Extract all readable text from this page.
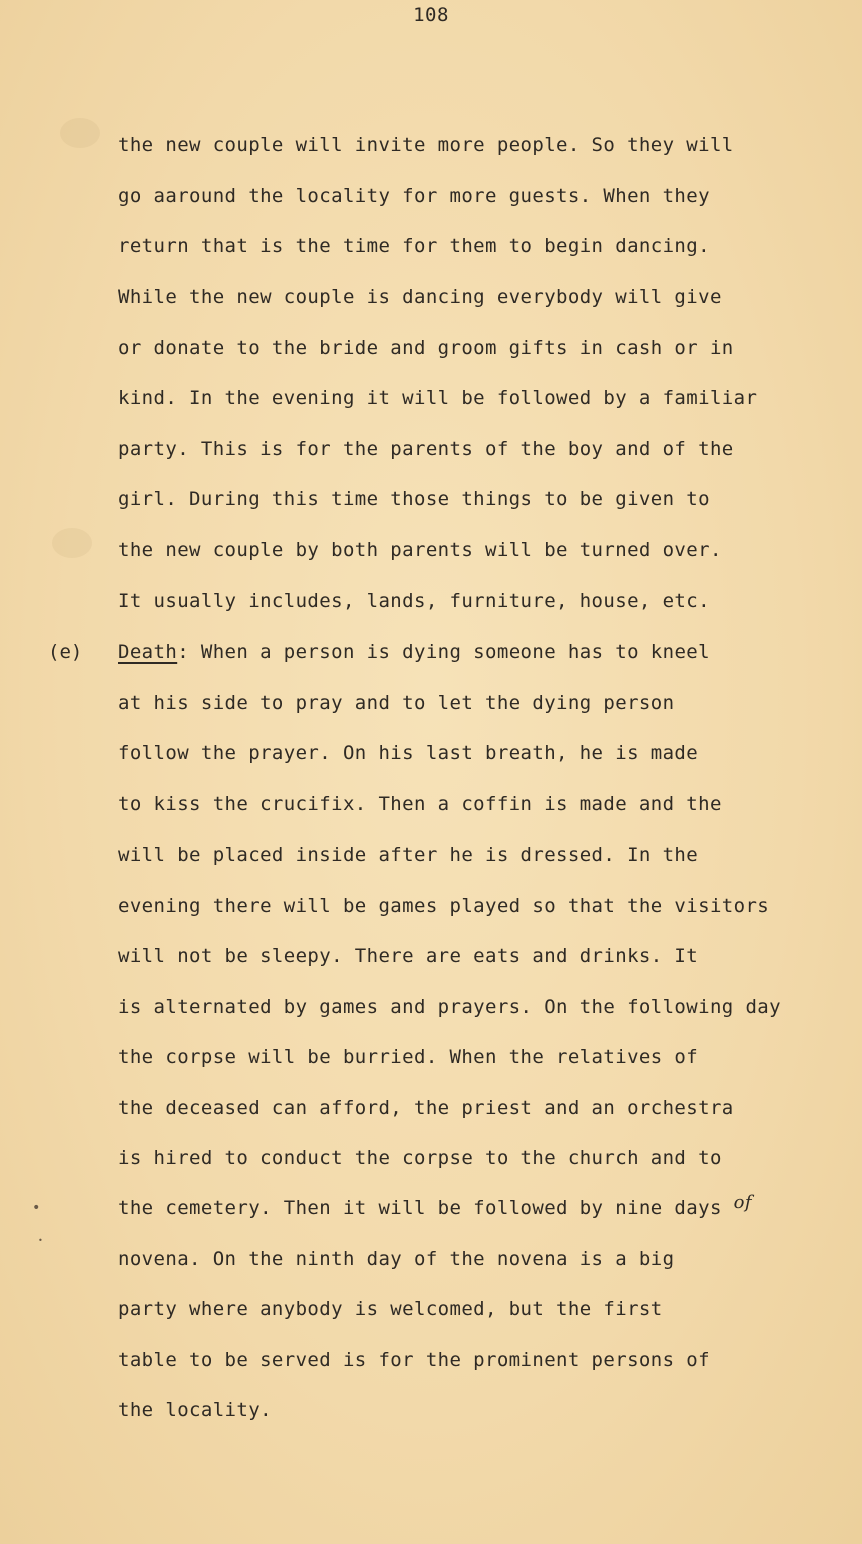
108
the new couple will invite more people. So they will
go aaround the locality for more guests. When they
return that is the time for them to begin dancing.
While the new couple is dancing everybody will give
or donate to the bride and groom gifts in cash or in
kind. In the evening it will be followed by a familiar
party. This is for the parents of the boy and of the
girl. During this time those things to be given to
the new couple by both parents will be turned over.
It usually includes, lands, furniture, house, etc.
(e) Death: When a person is dying someone has to kneel
at his side to pray and to let the dying person
follow the prayer. On his last breath, he is made
to kiss the crucifix. Then a coffin is made and the
will be placed inside after he is dressed. In the
evening there will be games played so that the visitors
will not be sleepy. There are eats and drinks. It
is alternated by games and prayers. On the following day
the corpse will be burried. When the relatives of
the deceased can afford, the priest and an orchestra
is hired to conduct the corpse to the church and to
the cemetery. Then it will be followed by nine days of
novena. On the ninth day of the novena is a big
party where anybody is welcomed, but the first
table to be served is for the prominent persons of
the locality.
•
•
